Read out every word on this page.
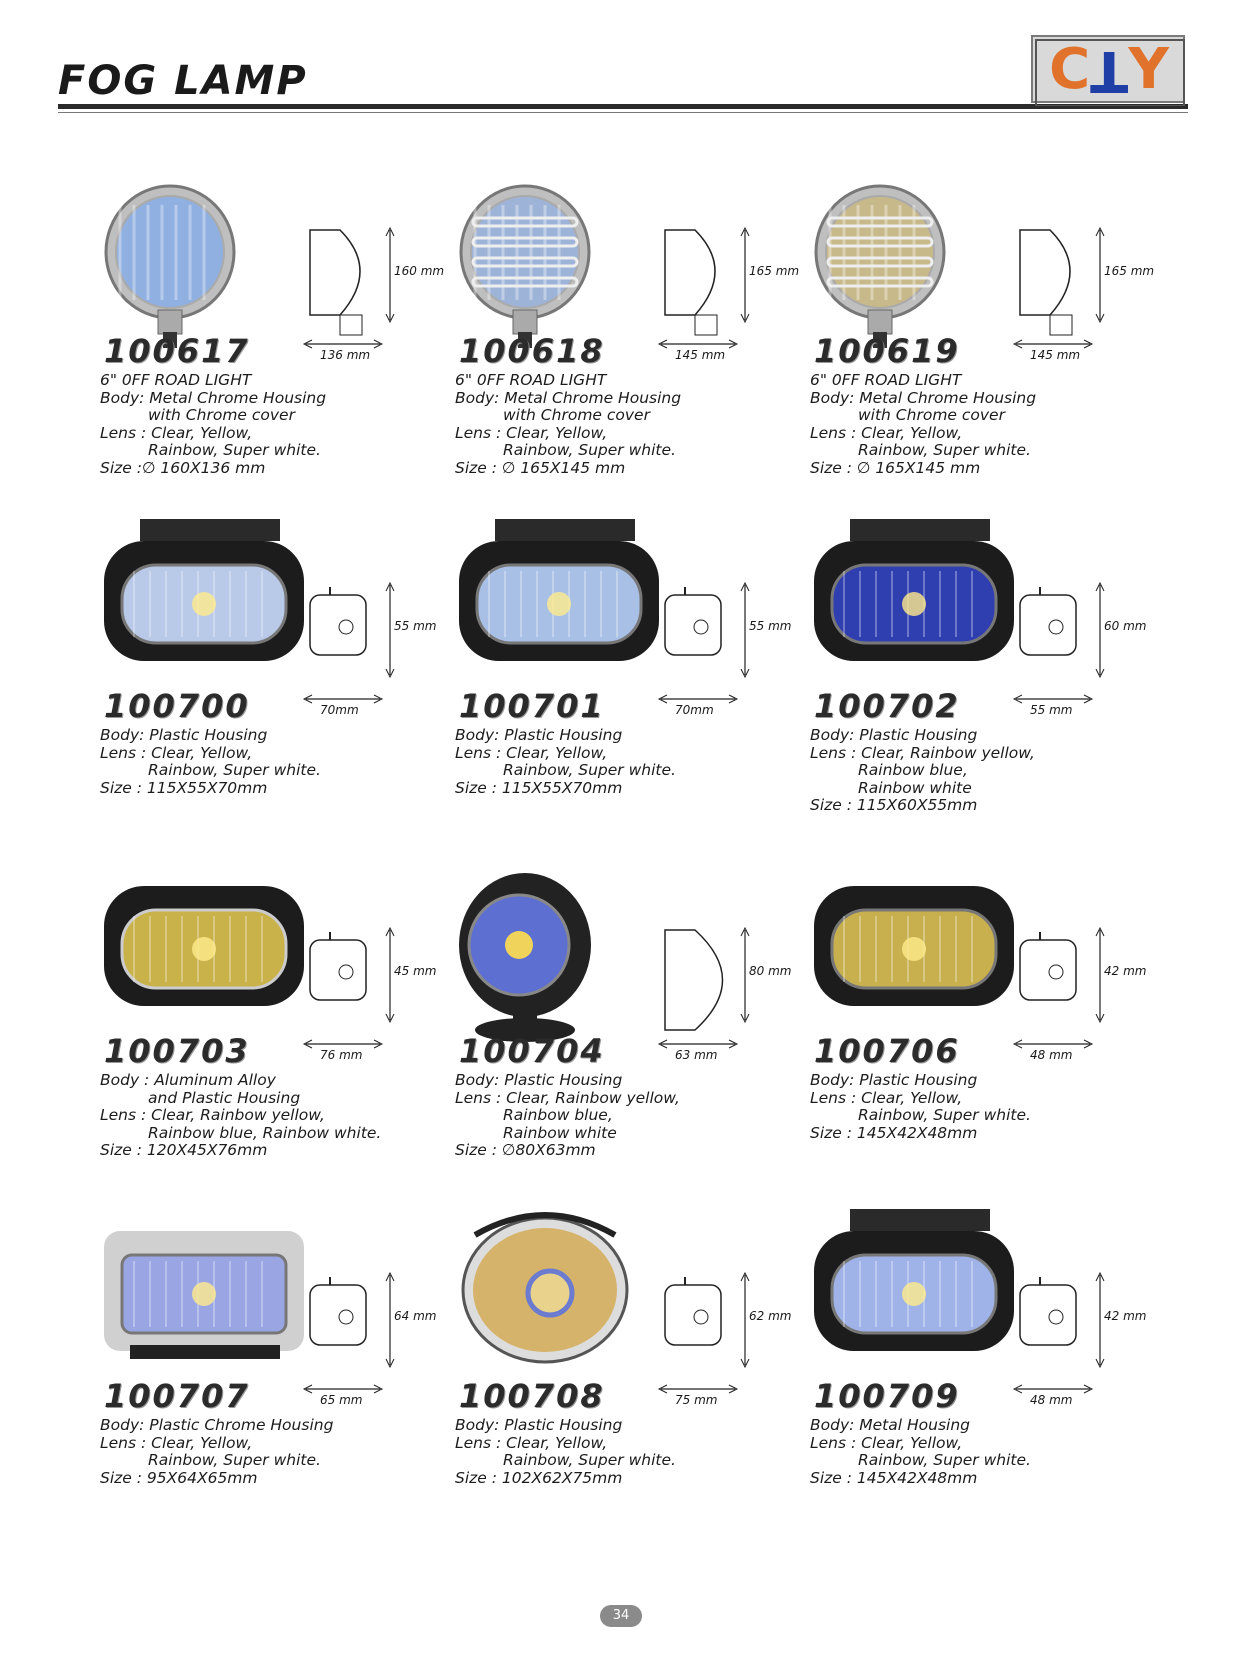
FOG LAMP	C T Y
160 mm
136 mm
100617
6" 0FF ROAD LIGHT
Body: Metal Chrome Housing
with Chrome cover
Lens : Clear, Yellow,
Rainbow, Super white.
Size :∅ 160X136 mm
165 mm
145 mm
100618
6" 0FF ROAD LIGHT
Body: Metal Chrome Housing
with Chrome cover
Lens : Clear, Yellow,
Rainbow, Super white.
Size : ∅ 165X145 mm
165 mm
145 mm
100619
6" 0FF ROAD LIGHT
Body: Metal Chrome Housing
with Chrome cover
Lens : Clear, Yellow,
Rainbow, Super white.
Size : ∅ 165X145 mm
55 mm
70mm
100700
Body: Plastic Housing
Lens : Clear, Yellow,
Rainbow, Super white.
Size : 115X55X70mm
55 mm
70mm
100701
Body: Plastic Housing
Lens : Clear, Yellow,
Rainbow, Super white.
Size : 115X55X70mm
60 mm
55 mm
100702
Body: Plastic Housing
Lens : Clear, Rainbow yellow,
Rainbow blue,
Rainbow white
Size : 115X60X55mm
45 mm
76 mm
100703
Body : Aluminum Alloy
and Plastic Housing
Lens : Clear, Rainbow yellow,
Rainbow blue, Rainbow white.
Size : 120X45X76mm
80 mm
63 mm
100704
Body: Plastic Housing
Lens : Clear, Rainbow yellow,
Rainbow blue,
Rainbow white
Size : ∅80X63mm
42 mm
48 mm
100706
Body: Plastic Housing
Lens : Clear, Yellow,
Rainbow, Super white.
Size : 145X42X48mm
64 mm
65 mm
100707
Body: Plastic Chrome Housing
Lens : Clear, Yellow,
Rainbow, Super white.
Size : 95X64X65mm
62 mm
75 mm
100708
Body: Plastic Housing
Lens : Clear, Yellow,
Rainbow, Super white.
Size : 102X62X75mm
42 mm
48 mm
100709
Body: Metal Housing
Lens : Clear, Yellow,
Rainbow, Super white.
Size : 145X42X48mm
34
